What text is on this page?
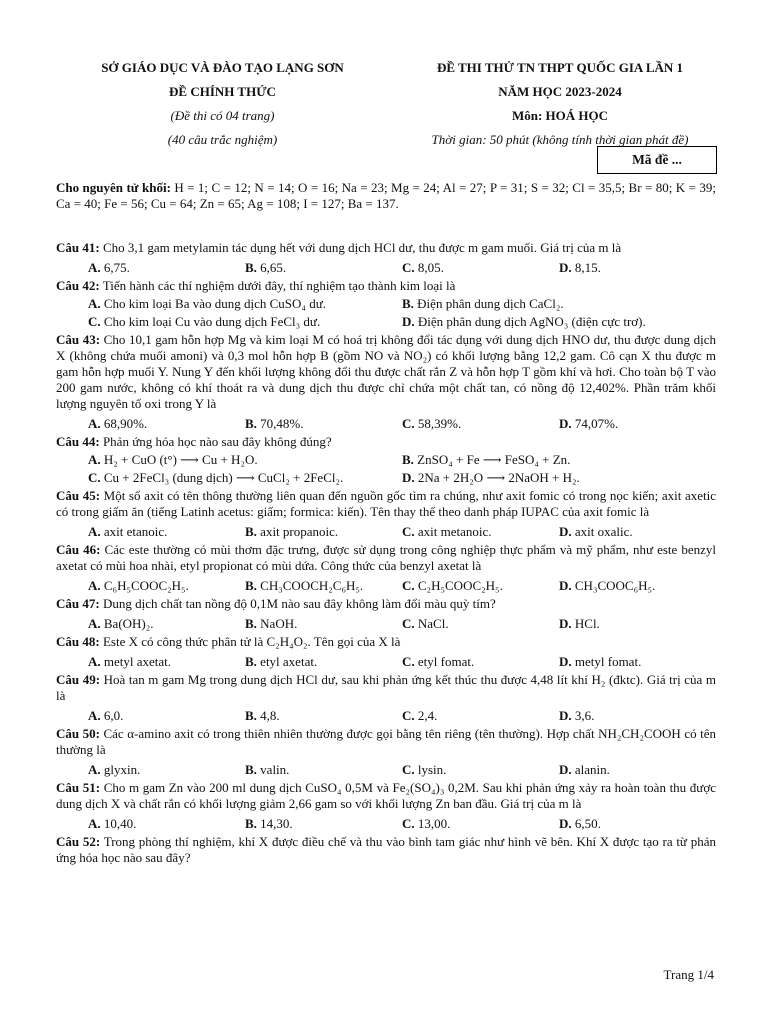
SỞ GIÁO DỤC VÀ ĐÀO TẠO LẠNG SƠN
ĐỀ CHÍNH THỨC
(Đề thi có 04 trang)
(40 câu trắc nghiệm)
ĐỀ THI THỬ TN THPT QUỐC GIA LẦN 1
NĂM HỌC 2023-2024
Môn: HOÁ HỌC
Thời gian: 50 phút (không tính thời gian phát đề)
Mã đề ...

Cho nguyên tử khối: H = 1; C = 12; N = 14; O = 16; Na = 23; Mg = 24; Al = 27; P = 31; S = 32; Cl = 35,5; Br = 80; K = 39; Ca = 40; Fe = 56; Cu = 64; Zn = 65; Ag = 108; I = 127; Ba = 137.

Câu 41: Cho 3,1 gam metylamin tác dụng hết với dung dịch HCl dư, thu được m gam muối. Giá trị của m là

A. 6,75.	B. 6,65.	C. 8,05.	D. 8,15.

Câu 42: Tiến hành các thí nghiệm dưới đây, thí nghiệm tạo thành kim loại là

A. Cho kim loại Ba vào dung dịch CuSO₄ dư.	B. Điện phân dung dịch CaCl₂.
C. Cho kim loại Cu vào dung dịch FeCl₃ dư.	D. Điện phân dung dịch AgNO₃ (điện cực trơ).

Câu 43: Cho 10,1 gam hỗn hợp Mg và kim loại M có hoá trị không đổi tác dụng với dung dịch HNO dư, thu được dung dịch X (không chứa muối amoni) và 0,3 mol hỗn hợp B (gồm NO và NO₂) có khối lượng bằng 12,2 gam. Cô cạn X thu được m gam hỗn hợp muối Y. Nung Y đến khối lượng không đổi thu được chất rắn Z và hỗn hợp T gồm khí và hơi. Cho toàn bộ T vào 200 gam nước, không có khí thoát ra và dung dịch thu được chỉ chứa một chất tan, có nồng độ 12,402%. Phần trăm khối lượng nguyên tố oxi trong Y là

A. 68,90%.	B. 70,48%.	C. 58,39%.	D. 74,07%.

Câu 44: Phản ứng hóa học nào sau đây không đúng?

A. H₂ + CuO (t°) ⟶ Cu + H₂O.	B. ZnSO₄ + Fe ⟶ FeSO₄ + Zn.
C. Cu + 2FeCl₃ (dung dịch) ⟶ CuCl₂ + 2FeCl₂.	D. 2Na + 2H₂O ⟶ 2NaOH + H₂.

Câu 45: Một số axit có tên thông thường liên quan đến nguồn gốc tìm ra chúng, như axit fomic có trong nọc kiến; axit axetic có trong giấm ăn (tiếng Latinh acetus: giấm; formica: kiến). Tên thay thế theo danh pháp IUPAC của axit fomic là

A. axit etanoic.	B. axit propanoic.	C. axit metanoic.	D. axit oxalic.

Câu 46: Các este thường có mùi thơm đặc trưng, được sử dụng trong công nghiệp thực phẩm và mỹ phẩm, như este benzyl axetat có mùi hoa nhài, etyl propionat có mùi dứa. Công thức của benzyl axetat là

A. C₆H₅COOC₂H₅.	B. CH₃COOCH₂C₆H₅.	C. C₂H₅COOC₂H₅.	D. CH₃COOC₆H₅.

Câu 47: Dung dịch chất tan nồng độ 0,1M nào sau đây không làm đổi màu quỳ tím?

A. Ba(OH)₂.	B. NaOH.	C. NaCl.	D. HCl.

Câu 48: Este X có công thức phân tử là C₂H₄O₂. Tên gọi của X là

A. metyl axetat.	B. etyl axetat.	C. etyl fomat.	D. metyl fomat.

Câu 49: Hoà tan m gam Mg trong dung dịch HCl dư, sau khi phản ứng kết thúc thu được 4,48 lít khí H₂ (đktc). Giá trị của m là

A. 6,0.	B. 4,8.	C. 2,4.	D. 3,6.

Câu 50: Các α-amino axit có trong thiên nhiên thường được gọi bằng tên riêng (tên thường). Hợp chất NH₂CH₂COOH có tên thường là

A. glyxin.	B. valin.	C. lysin.	D. alanin.

Câu 51: Cho m gam Zn vào 200 ml dung dịch CuSO₄ 0,5M và Fe₂(SO₄)₃ 0,2M. Sau khi phản ứng xảy ra hoàn toàn thu được dung dịch X và chất rắn có khối lượng giảm 2,66 gam so với khối lượng Zn ban đầu. Giá trị của m là

A. 10,40.	B. 14,30.	C. 13,00.	D. 6,50.

Câu 52: Trong phòng thí nghiệm, khí X được điều chế và thu vào bình tam giác như hình vẽ bên. Khí X được tạo ra từ phản ứng hóa học nào sau đây?

Trang 1/4
